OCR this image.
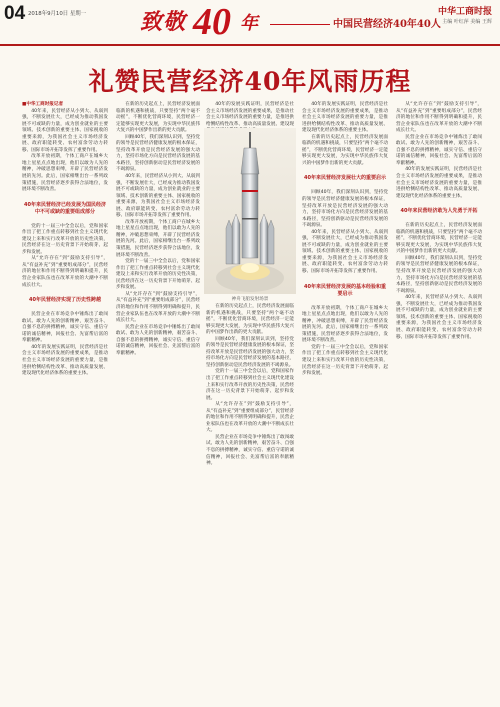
04 2018年9月10日 星期一 致敬 40 年	中国民营经济40年40人
中华工商时报
主编 叶红萍 美编 王辉
礼赞民营经济40年风雨历程

■中华工商时报记者

40年来，民营经济从小到大、从弱到强，不断发展壮大，已经成为推动我国发展不可或缺的力量，成为创业就业的主要领域、技术创新的重要主体、国家税收的重要来源，为我国社会主义市场经济发展、政府职能转变、农村富余劳动力转移、国际市场开拓等发挥了重要作用。

改革开放初期，个体工商户在城乡大地上星星点点地出现，他们以敢为人先的精神，冲破思想束缚，开辟了民营经济发展的先河。此后，国家相继出台一系列政策措施，民营经济逐步获得合法地位，发展环境不断改善。

40年来民营经济已经发展为国民经济中不可或缺的重要组成部分

党的十一届三中全会以后，党和国家作出了把工作重点转移到社会主义现代化建设上来和实行改革开放的历史性决策，民营经济在这一历史背景下开始萌芽、起步和发展。

从“允许存在”到“鼓励支持引导”，从“有益补充”到“重要组成部分”，民营经济的地位和作用不断得到明确和提升，民营企业家队伍也在改革开放的大潮中不断成长壮大。

40年民营经济实现了历史性跨越

民营企业在市场竞争中锤炼出了敢闯敢试、敢为人先的创新精神，艰苦奋斗、自强不息的拼搏精神，诚实守信、重信守诺的诚信精神，回报社会、先富帮后富的奉献精神。

40年的发展实践证明，民营经济是社会主义市场经济发展的重要成果，是推动社会主义市场经济发展的重要力量，是推进供给侧结构性改革、推动高质量发展、建设现代化经济体系的重要主体。

在新的历史起点上，民营经济发展面临新的机遇和挑战，只要坚持“两个毫不动摇”，不断优化营商环境，民营经济一定能够实现更大发展，为实现中华民族伟大复兴的中国梦作出新的更大贡献。

回顾40年，我们深刻认识到，坚持党的领导是民营经济健康发展的根本保证，坚持改革开放是民营经济发展的强大动力，坚持市场化方向是民营经济发展的基本路径，坚持创新驱动是民营经济发展的不竭源泉。

40年来，民营经济从小到大、从弱到强，不断发展壮大，已经成为推动我国发展不可或缺的力量，成为创业就业的主要领域、技术创新的重要主体、国家税收的重要来源，为我国社会主义市场经济发展、政府职能转变、农村富余劳动力转移、国际市场开拓等发挥了重要作用。

改革开放初期，个体工商户在城乡大地上星星点点地出现，他们以敢为人先的精神，冲破思想束缚，开辟了民营经济发展的先河。此后，国家相继出台一系列政策措施，民营经济逐步获得合法地位，发展环境不断改善。

党的十一届三中全会以后，党和国家作出了把工作重点转移到社会主义现代化建设上来和实行改革开放的历史性决策，民营经济在这一历史背景下开始萌芽、起步和发展。

从“允许存在”到“鼓励支持引导”，从“有益补充”到“重要组成部分”，民营经济的地位和作用不断得到明确和提升，民营企业家队伍也在改革开放的大潮中不断成长壮大。

民营企业在市场竞争中锤炼出了敢闯敢试、敢为人先的创新精神，艰苦奋斗、自强不息的拼搏精神，诚实守信、重信守诺的诚信精神，回报社会、先富帮后富的奉献精神。

40年的发展实践证明，民营经济是社会主义市场经济发展的重要成果，是推动社会主义市场经济发展的重要力量，是推进供给侧结构性改革、推动高质量发展、建设现

神舟飞船发射场景

在新的历史起点上，民营经济发展面临新的机遇和挑战，只要坚持“两个毫不动摇”，不断优化营商环境，民营经济一定能够实现更大发展，为实现中华民族伟大复兴的中国梦作出新的更大贡献。

回顾40年，我们深刻认识到，坚持党的领导是民营经济健康发展的根本保证，坚持改革开放是民营经济发展的强大动力，坚持市场化方向是民营经济发展的基本路径，坚持创新驱动是民营经济发展的不竭源泉。

党的十一届三中全会以后，党和国家作出了把工作重点转移到社会主义现代化建设上来和实行改革开放的历史性决策，民营经济在这一历史背景下开始萌芽、起步和发展。

从“允许存在”到“鼓励支持引导”，从“有益补充”到“重要组成部分”，民营经济的地位和作用不断得到明确和提升，民营企业家队伍也在改革开放的大潮中不断成长壮大。

民营企业在市场竞争中锤炼出了敢闯敢试、敢为人先的创新精神，艰苦奋斗、自强不息的拼搏精神，诚实守信、重信守诺的诚信精神，回报社会、先富帮后富的奉献精神。

40年的发展实践证明，民营经济是社会主义市场经济发展的重要成果，是推动社会主义市场经济发展的重要力量，是推进供给侧结构性改革、推动高质量发展、建设现代化经济体系的重要主体。

在新的历史起点上，民营经济发展面临新的机遇和挑战，只要坚持“两个毫不动摇”，不断优化营商环境，民营经济一定能够实现更大发展，为实现中华民族伟大复兴的中国梦作出新的更大贡献。

40年来民营经济发展壮大的重要启示

回顾40年，我们深刻认识到，坚持党的领导是民营经济健康发展的根本保证，坚持改革开放是民营经济发展的强大动力，坚持市场化方向是民营经济发展的基本路径，坚持创新驱动是民营经济发展的不竭源泉。

40年来，民营经济从小到大、从弱到强，不断发展壮大，已经成为推动我国发展不可或缺的力量，成为创业就业的主要领域、技术创新的重要主体、国家税收的重要来源，为我国社会主义市场经济发展、政府职能转变、农村富余劳动力转移、国际市场开拓等发挥了重要作用。

40年来民营经济发展的基本经验和重要启示

改革开放初期，个体工商户在城乡大地上星星点点地出现，他们以敢为人先的精神，冲破思想束缚，开辟了民营经济发展的先河。此后，国家相继出台一系列政策措施，民营经济逐步获得合法地位，发展环境不断改善。

党的十一届三中全会以后，党和国家作出了把工作重点转移到社会主义现代化建设上来和实行改革开放的历史性决策，民营经济在这一历史背景下开始萌芽、起步和发展。

从“允许存在”到“鼓励支持引导”，从“有益补充”到“重要组成部分”，民营经济的地位和作用不断得到明确和提升，民营企业家队伍也在改革开放的大潮中不断成长壮大。

民营企业在市场竞争中锤炼出了敢闯敢试、敢为人先的创新精神，艰苦奋斗、自强不息的拼搏精神，诚实守信、重信守诺的诚信精神，回报社会、先富帮后富的奉献精神。

40年的发展实践证明，民营经济是社会主义市场经济发展的重要成果，是推动社会主义市场经济发展的重要力量，是推进供给侧结构性改革、推动高质量发展、建设现代化经济体系的重要主体。

40年来民营经济敢为人先勇于开拓

在新的历史起点上，民营经济发展面临新的机遇和挑战，只要坚持“两个毫不动摇”，不断优化营商环境，民营经济一定能够实现更大发展，为实现中华民族伟大复兴的中国梦作出新的更大贡献。

回顾40年，我们深刻认识到，坚持党的领导是民营经济健康发展的根本保证，坚持改革开放是民营经济发展的强大动力，坚持市场化方向是民营经济发展的基本路径，坚持创新驱动是民营经济发展的不竭源泉。

40年来，民营经济从小到大、从弱到强，不断发展壮大，已经成为推动我国发展不可或缺的力量，成为创业就业的主要领域、技术创新的重要主体、国家税收的重要来源，为我国社会主义市场经济发展、政府职能转变、农村富余劳动力转移、国际市场开拓等发挥了重要作用。
